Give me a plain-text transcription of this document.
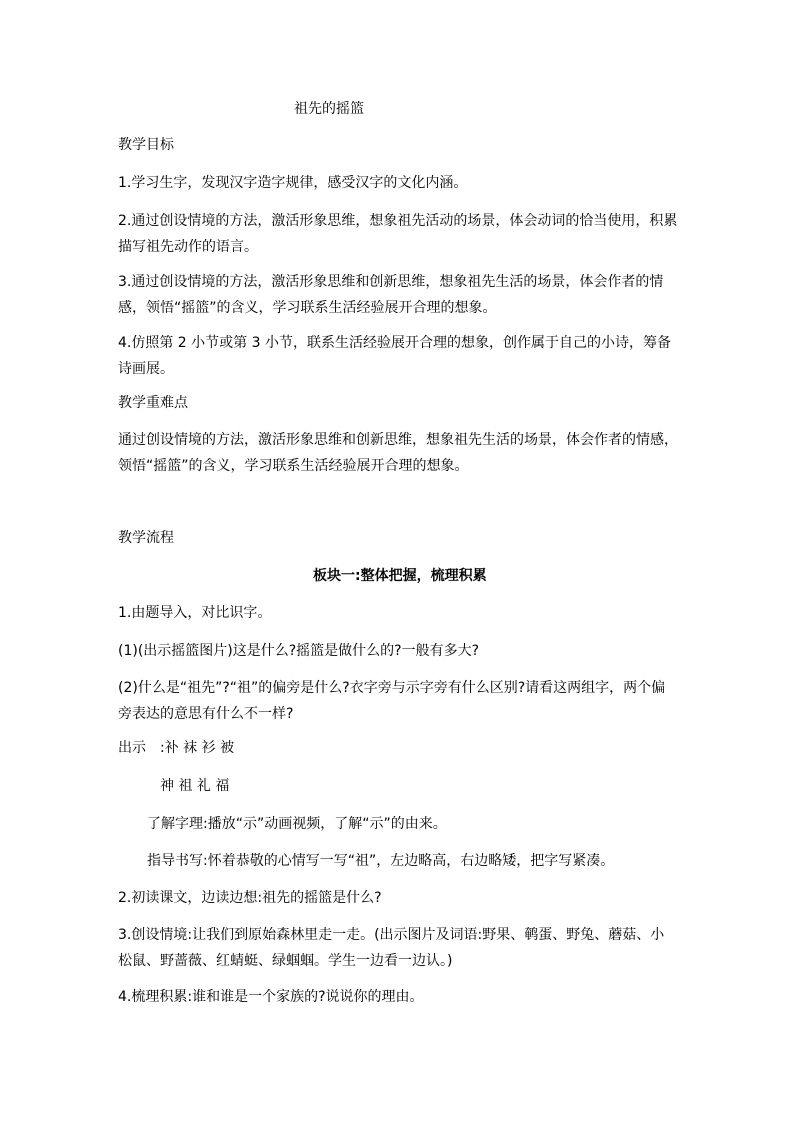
祖先的摇篮
教学目标
1.学习生字，发现汉字造字规律，感受汉字的文化内涵。
2.通过创设情境的方法，激活形象思维，想象祖先活动的场景，体会动词的恰当使用，积累描写祖先动作的语言。
3.通过创设情境的方法，激活形象思维和创新思维，想象祖先生活的场景，体会作者的情感，领悟“摇篮”的含义，学习联系生活经验展开合理的想象。
4.仿照第 2 小节或第 3 小节，联系生活经验展开合理的想象，创作属于自己的小诗，筹备诗画展。
教学重难点
通过创设情境的方法，激活形象思维和创新思维，想象祖先生活的场景，体会作者的情感，领悟“摇篮”的含义，学习联系生活经验展开合理的想象。
教学流程
板块一:整体把握，梳理积累
1.由题导入，对比识字。
(1)(出示摇篮图片)这是什么?摇篮是做什么的?一般有多大?
(2)什么是“祖先”?“祖”的偏旁是什么?衣字旁与示字旁有什么区别?请看这两组字，两个偏旁表达的意思有什么不一样?
出示 :补 袜 衫 被
神 祖 礼 福
了解字理:播放“示”动画视频，了解“示”的由来。
指导书写:怀着恭敬的心情写一写“祖”，左边略高，右边略矮，把字写紧凑。
2.初读课文，边读边想:祖先的摇篮是什么?
3.创设情境:让我们到原始森林里走一走。(出示图片及词语:野果、鹌蛋、野兔、蘑菇、小松鼠、野蔷薇、红蜻蜓、绿蝈蝈。学生一边看一边认。)
4.梳理积累:谁和谁是一个家族的?说说你的理由。
